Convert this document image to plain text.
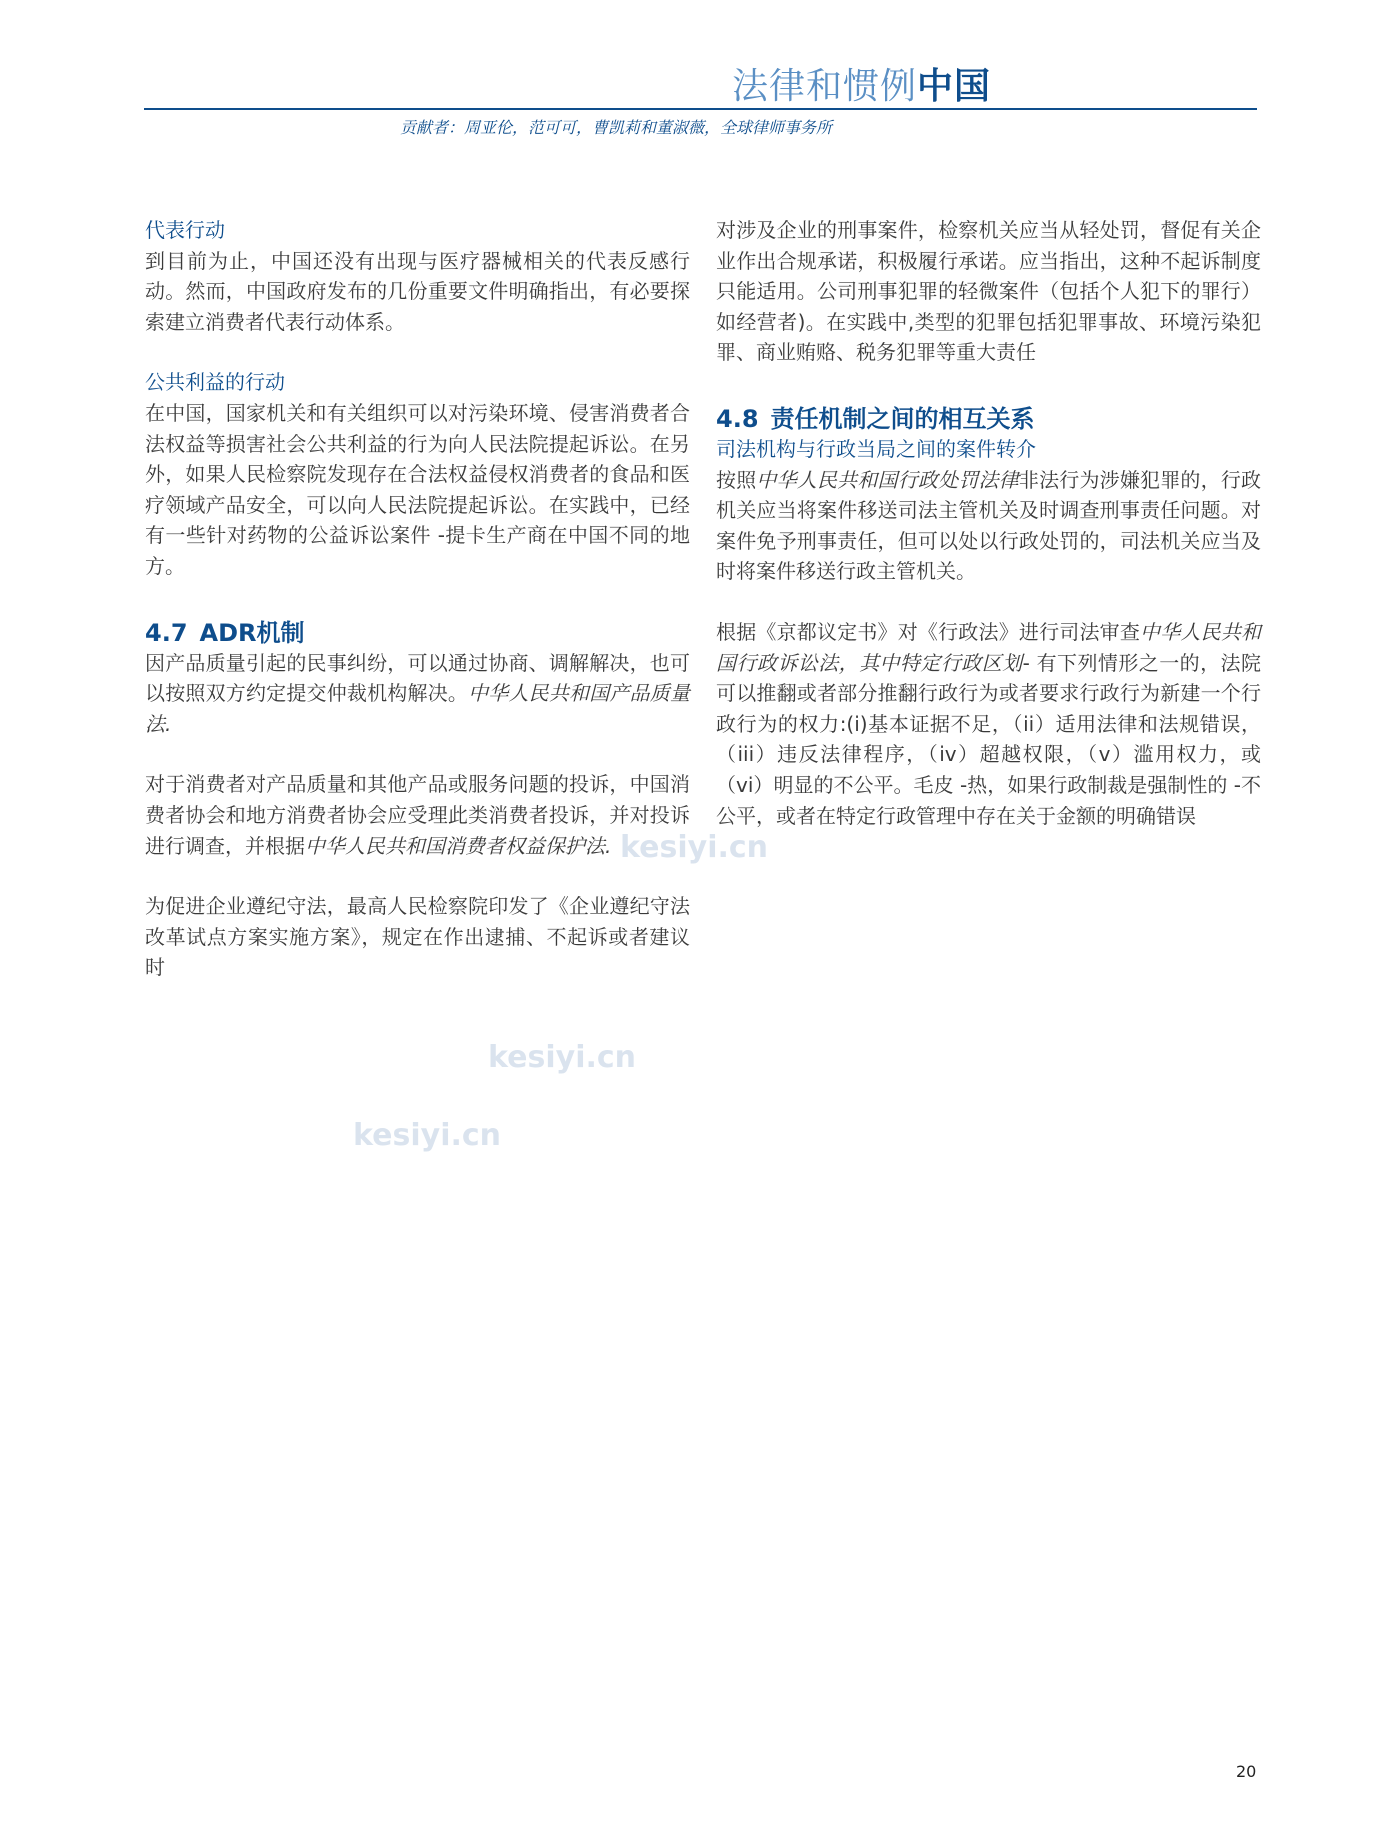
法律和惯例中国
贡献者：周亚伦，范可可，曹凯莉和董淑薇，全球律师事务所
kesiyi.cn
kesiyi.cn
kesiyi.cn

代表行动

到目前为止，中国还没有出现与医疗器械相关的代表反感行动。然而，中国政府发布的几份重要文件明确指出，有必要探索建立消费者代表行动体系。

公共利益的行动

在中国，国家机关和有关组织可以对污染环境、侵害消费者合法权益等损害社会公共利益的行为向人民法院提起诉讼。在另外，如果人民检察院发现存在合法权益侵权消费者的食品和医疗领域产品安全，可以向人民法院提起诉讼。在实践中，已经有一些针对药物的公益诉讼案件 -提卡生产商在中国不同的地方。

4.7 ADR机制

因产品质量引起的民事纠纷，可以通过协商、调解解决，也可以按照双方约定提交仲裁机构解决。中华人民共和国产品质量法.

对于消费者对产品质量和其他产品或服务问题的投诉，中国消费者协会和地方消费者协会应受理此类消费者投诉，并对投诉进行调查，并根据中华人民共和国消费者权益保护法.

为促进企业遵纪守法，最高人民检察院印发了《企业遵纪守法改革试点方案实施方案》，规定在作出逮捕、不起诉或者建议时

对涉及企业的刑事案件，检察机关应当从轻处罚，督促有关企业作出合规承诺，积极履行承诺。应当指出，这种不起诉制度只能适用。公司刑事犯罪的轻微案件（包括个人犯下的罪行）如经营者)。在实践中,类型的犯罪包括犯罪事故、环境污染犯罪、商业贿赂、税务犯罪等重大责任

4.8 责任机制之间的相互关系

司法机构与行政当局之间的案件转介

按照中华人民共和国行政处罚法律非法行为涉嫌犯罪的，行政机关应当将案件移送司法主管机关及时调查刑事责任问题。对案件免予刑事责任，但可以处以行政处罚的，司法机关应当及时将案件移送行政主管机关。

根据《京都议定书》对《行政法》进行司法审查中华人民共和国行政诉讼法，其中特定行政区划- 有下列情形之一的，法院可以推翻或者部分推翻行政行为或者要求行政行为新建一个行政行为的权力:(i)基本证据不足，（ii）适用法律和法规错误，（iii）违反法律程序，（iv）超越权限，（v）滥用权力，或（vi）明显的不公平。毛皮 -热，如果行政制裁是强制性的 -不公平，或者在特定行政管理中存在关于金额的明确错误

20
